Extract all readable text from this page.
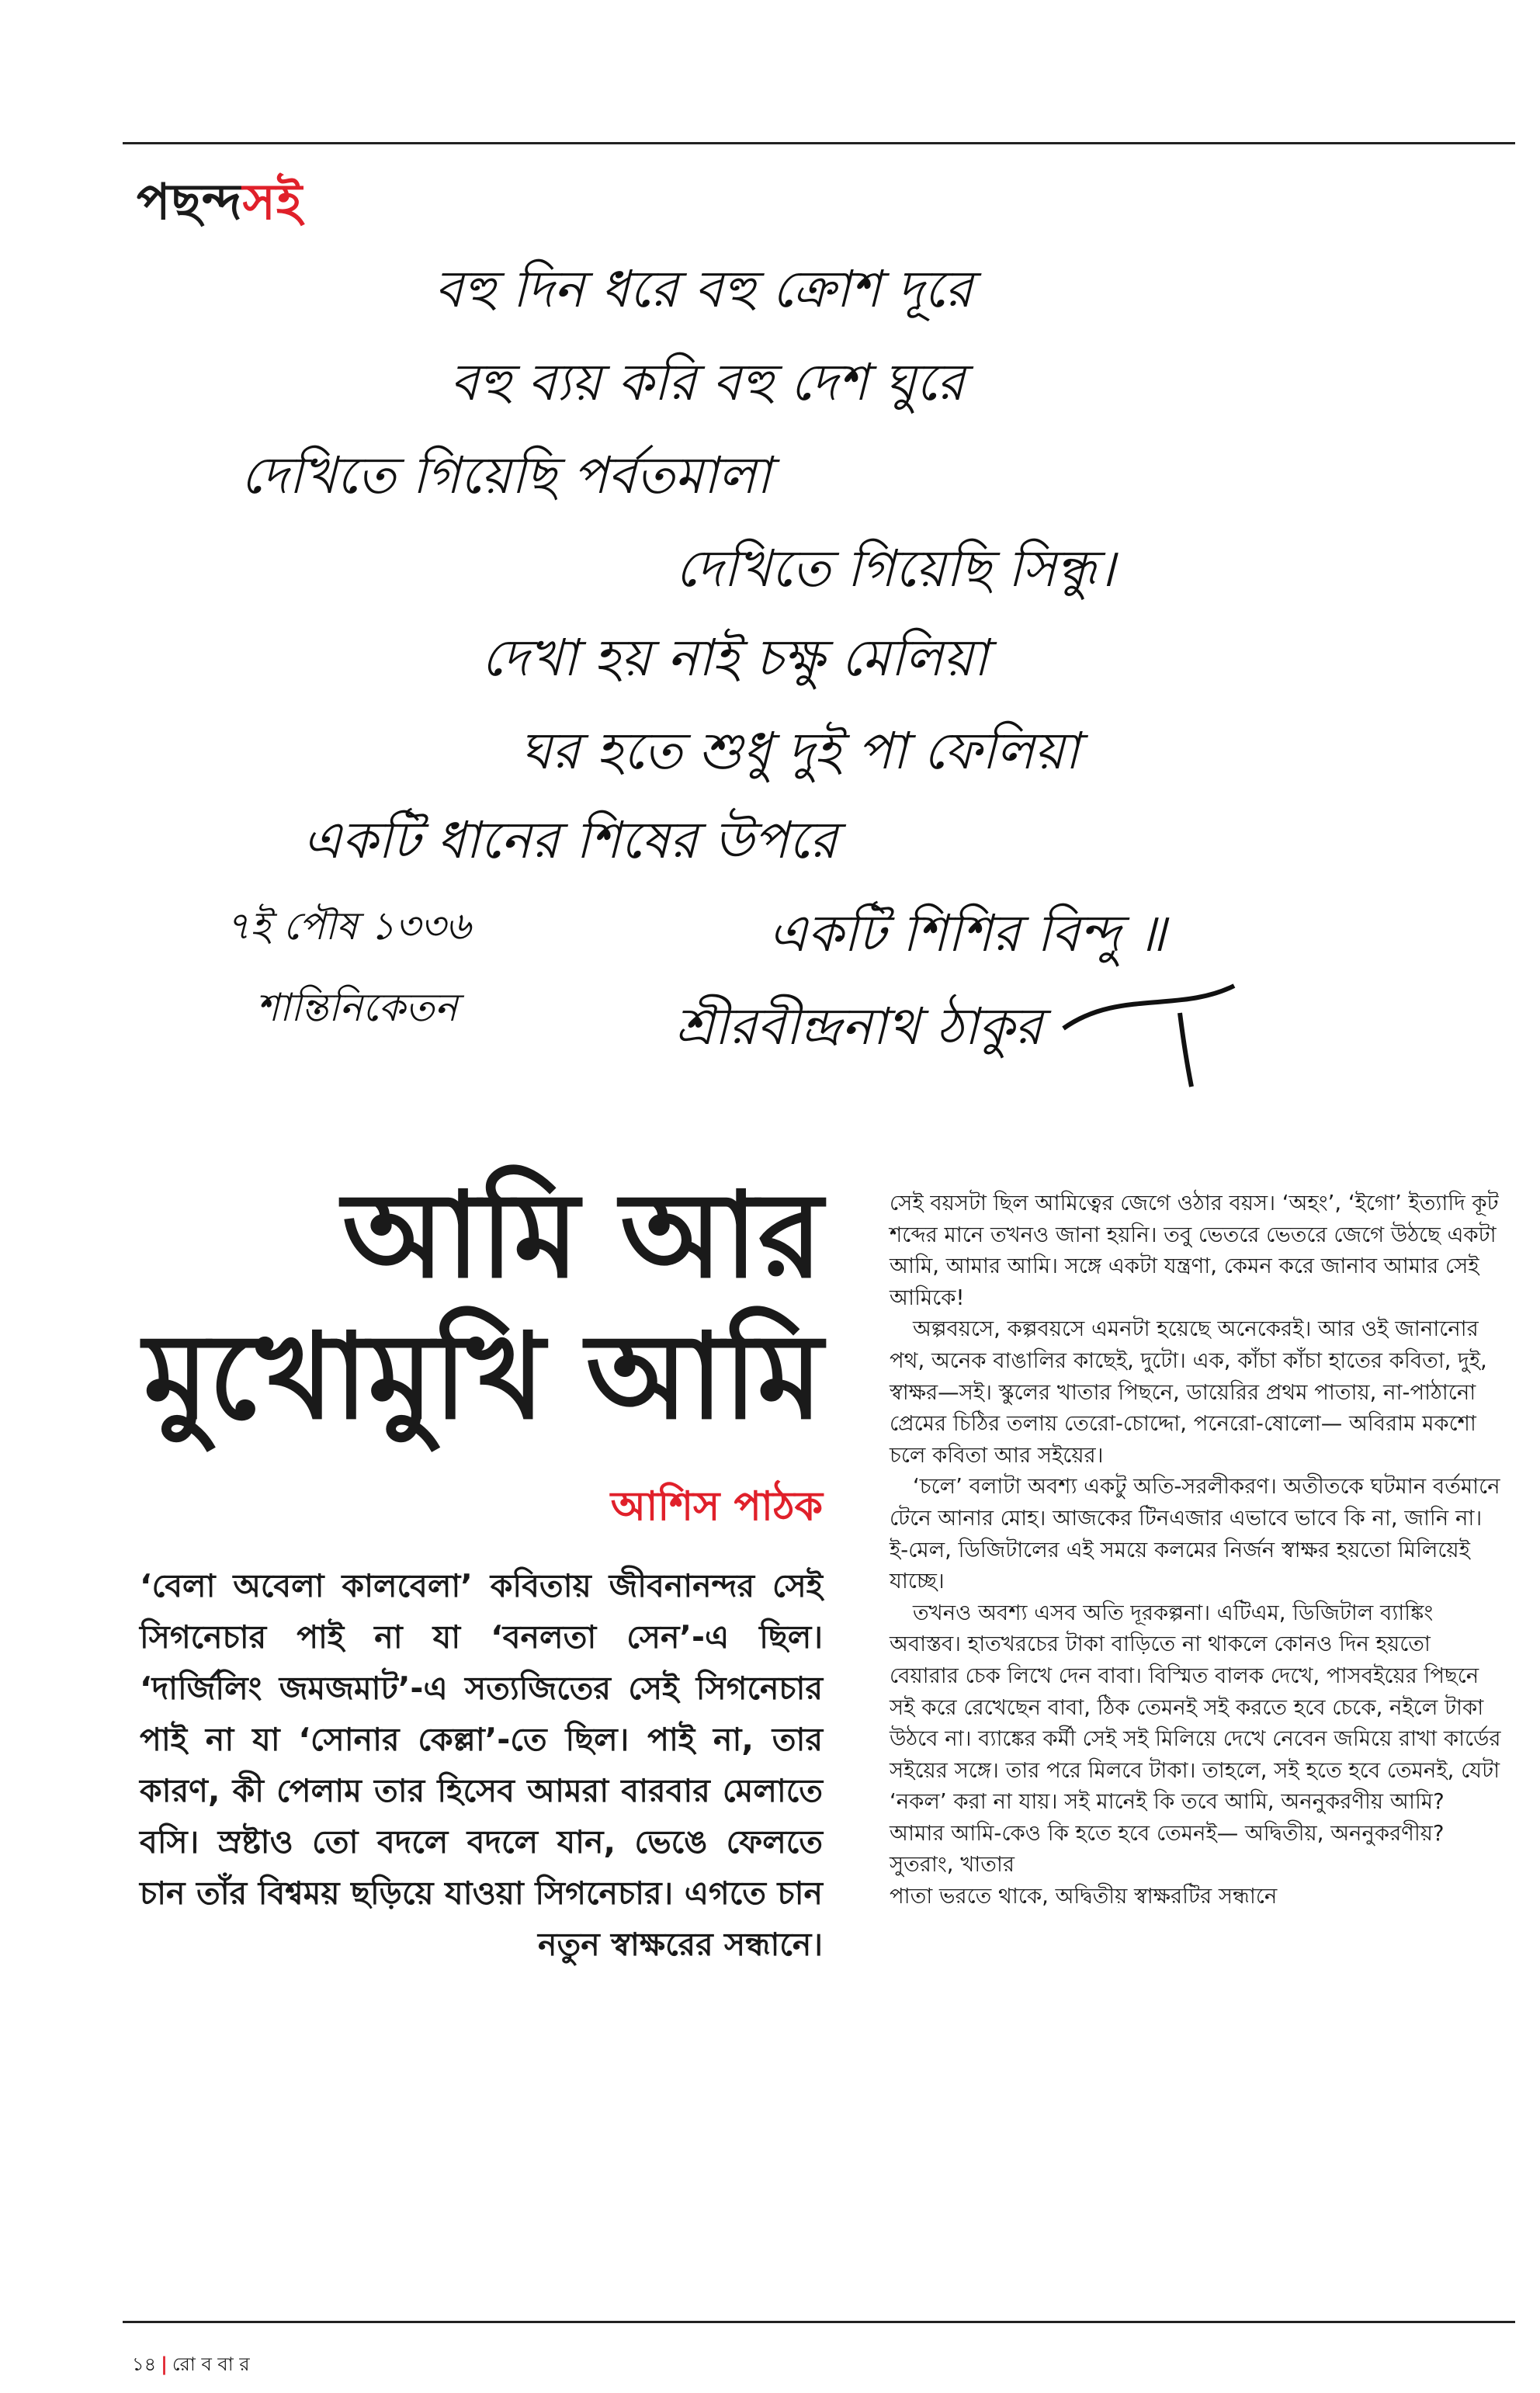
পছন্দসই
বহু দিন ধরে বহু ক্রোশ দূরে
বহু ব্যয় করি বহু দেশ ঘুরে
দেখিতে গিয়েছি পর্বতমালা
দেখিতে গিয়েছি সিন্ধু।
দেখা হয় নাই চক্ষু মেলিয়া
ঘর হতে শুধু দুই পা ফেলিয়া
একটি ধানের শিষের উপরে
একটি শিশির বিন্দু ॥
৭ই পৌষ ১৩৩৬
শান্তিনিকেতন	শ্রীরবীন্দ্রনাথ ঠাকুর
আমি আর
মুখোমুখি আমি
আশিস পাঠক
‘বেলা অবেলা কালবেলা’ কবিতায় জীবনানন্দর সেই সিগনেচার পাই না যা ‘বনলতা সেন’-এ ছিল। ‘দার্জিলিং জমজমাট’-এ সত্যজিতের সেই সিগনেচার পাই না যা ‘সোনার কেল্লা’-তে ছিল। পাই না, তার কারণ, কী পেলাম তার হিসেব আমরা বারবার মেলাতে বসি। স্রষ্টাও তো বদলে বদলে যান, ভেঙে ফেলতে চান তাঁর বিশ্বময় ছড়িয়ে যাওয়া সিগনেচার। এগতে চান নতুন স্বাক্ষরের সন্ধানে।

সেই বয়সটা ছিল আমিত্বের জেগে ওঠার বয়স। ‘অহং’, ‘ইগো’ ইত্যাদি কূট শব্দের মানে তখনও জানা হয়নি। তবু ভেতরে ভেতরে জেগে উঠছে একটা আমি, আমার আমি। সঙ্গে একটা যন্ত্রণা, কেমন করে জানাব আমার সেই আমিকে!

অল্পবয়সে, কল্পবয়সে এমনটা হয়েছে অনেকেরই। আর ওই জানানোর পথ, অনেক বাঙালির কাছেই, দুটো। এক, কাঁচা কাঁচা হাতের কবিতা, দুই, স্বাক্ষর—সই। স্কুলের খাতার পিছনে, ডায়েরির প্রথম পাতায়, না-পাঠানো প্রেমের চিঠির তলায় তেরো-চোদ্দো, পনেরো-ষোলো— অবিরাম মকশো চলে কবিতা আর সইয়ের।

‘চলে’ বলাটা অবশ্য একটু অতি-সরলীকরণ। অতীতকে ঘটমান বর্তমানে টেনে আনার মোহ। আজকের টিনএজার এভাবে ভাবে কি না, জানি না। ই-মেল, ডিজিটালের এই সময়ে কলমের নির্জন স্বাক্ষর হয়তো মিলিয়েই যাচ্ছে।

তখনও অবশ্য এসব অতি দূরকল্পনা। এটিএম, ডিজিটাল ব্যাঙ্কিং অবাস্তব। হাতখরচের টাকা বাড়িতে না থাকলে কোনও দিন হয়তো বেয়ারার চেক লিখে দেন বাবা। বিস্মিত বালক দেখে, পাসবইয়ের পিছনে সই করে রেখেছেন বাবা, ঠিক তেমনই সই করতে হবে চেকে, নইলে টাকা উঠবে না। ব্যাঙ্কের কর্মী সেই সই মিলিয়ে দেখে নেবেন জমিয়ে রাখা কার্ডের সইয়ের সঙ্গে। তার পরে মিলবে টাকা। তাহলে, সই হতে হবে তেমনই, যেটা ‘নকল’ করা না যায়। সই মানেই কি তবে আমি, অননুকরণীয় আমি? আমার আমি-কেও কি হতে হবে তেমনই— অদ্বিতীয়, অননুকরণীয়? সুতরাং, খাতার

পাতা ভরতে থাকে, অদ্বিতীয় স্বাক্ষরটির সন্ধানে

১৪ | রো ব বা র
